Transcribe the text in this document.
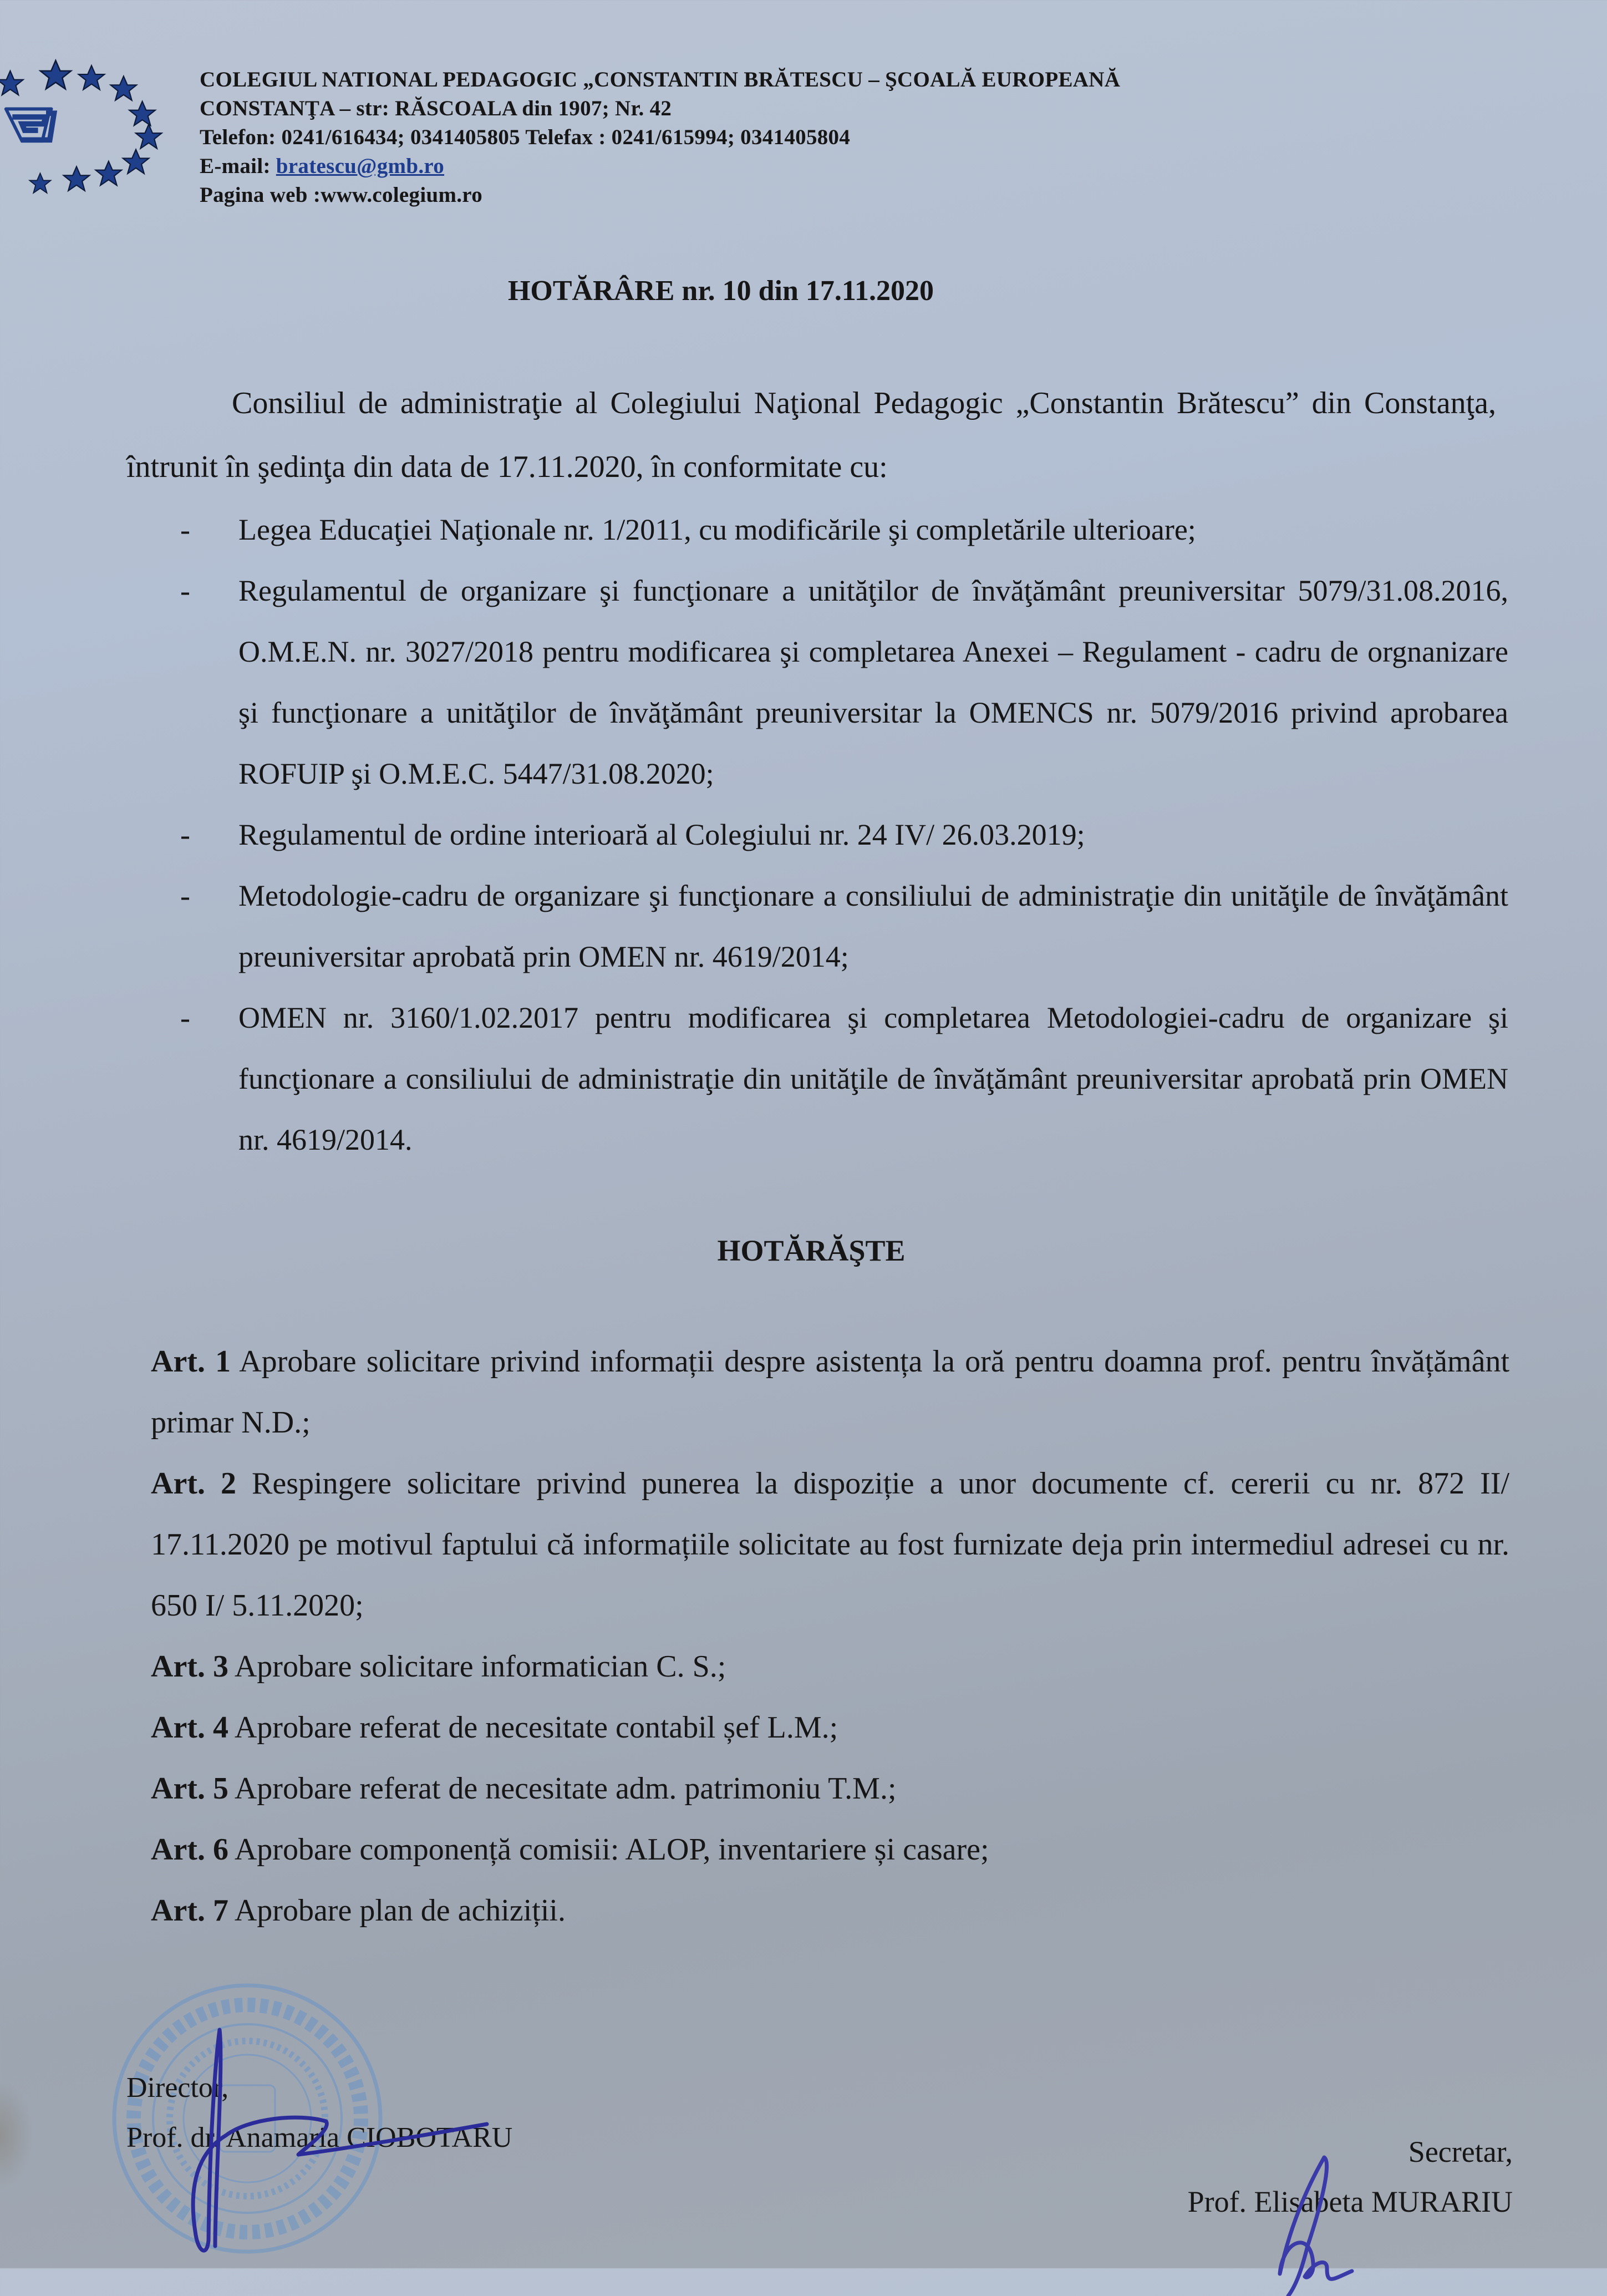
COLEGIUL NATIONAL PEDAGOGIC „CONSTANTIN BRĂTESCU – ŞCOALĂ EUROPEANĂ
CONSTANŢA – str: RĂSCOALA din 1907; Nr. 42
Telefon: 0241/616434; 0341405805 Telefax : 0241/615994; 0341405804
E-mail: bratescu@gmb.ro
Pagina web :www.colegium.ro
HOTĂRÂRE nr. 10 din 17.11.2020
Consiliul de administraţie al Colegiului Naţional Pedagogic „Constantin Brătescu” din Constanţa, întrunit în şedinţa din data de 17.11.2020, în conformitate cu:
- Legea Educaţiei Naţionale nr. 1/2011, cu modificările şi completările ulterioare;
- Regulamentul de organizare şi funcţionare a unităţilor de învăţământ preuniversitar 5079/31.08.2016, O.M.E.N. nr. 3027/2018 pentru modificarea şi completarea Anexei – Regulament - cadru de orgnanizare şi funcţionare a unităţilor de învăţământ preuniversitar la OMENCS nr. 5079/2016 privind aprobarea ROFUIP şi O.M.E.C. 5447/31.08.2020;
- Regulamentul de ordine interioară al Colegiului nr. 24 IV/ 26.03.2019;
- Metodologie-cadru de organizare şi funcţionare a consiliului de administraţie din unităţile de învăţământ preuniversitar aprobată prin OMEN nr. 4619/2014;
- OMEN nr. 3160/1.02.2017 pentru modificarea şi completarea Metodologiei-cadru de organizare şi funcţionare a consiliului de administraţie din unităţile de învăţământ preuniversitar aprobată prin OMEN nr. 4619/2014.
HOTĂRĂŞTE
Art. 1 Aprobare solicitare privind informații despre asistența la oră pentru doamna prof. pentru învățământ primar N.D.;
Art. 2 Respingere solicitare privind punerea la dispoziție a unor documente cf. cererii cu nr. 872 II/ 17.11.2020 pe motivul faptului că informațiile solicitate au fost furnizate deja prin intermediul adresei cu nr. 650 I/ 5.11.2020;
Art. 3 Aprobare solicitare informatician C. S.;
Art. 4 Aprobare referat de necesitate contabil șef L.M.;
Art. 5 Aprobare referat de necesitate adm. patrimoniu T.M.;
Art. 6 Aprobare componență comisii: ALOP, inventariere și casare;
Art. 7 Aprobare plan de achiziții.
Director,
Prof. dr. Anamaria CIOBOTARU	Secretar,
Prof. Elisabeta MURARIU
